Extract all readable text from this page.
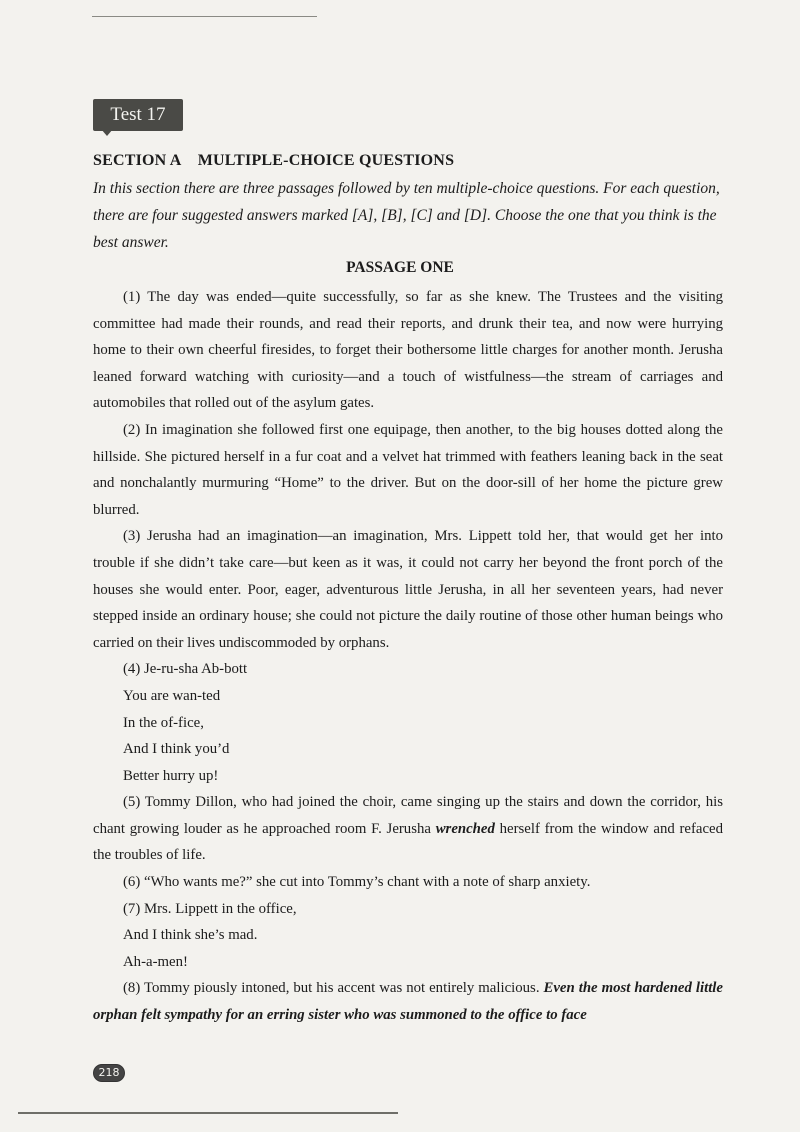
Test 17
SECTION A MULTIPLE-CHOICE QUESTIONS
In this section there are three passages followed by ten multiple-choice questions. For each question, there are four suggested answers marked [A], [B], [C] and [D]. Choose the one that you think is the best answer.
PASSAGE ONE

(1) The day was ended—quite successfully, so far as she knew. The Trustees and the visiting committee had made their rounds, and read their reports, and drunk their tea, and now were hurrying home to their own cheerful firesides, to forget their bothersome little charges for another month. Jerusha leaned forward watching with curiosity—and a touch of wistfulness—the stream of carriages and automobiles that rolled out of the asylum gates.

(2) In imagination she followed first one equipage, then another, to the big houses dotted along the hillside. She pictured herself in a fur coat and a velvet hat trimmed with feathers leaning back in the seat and nonchalantly murmuring “Home” to the driver. But on the door-sill of her home the picture grew blurred.

(3) Jerusha had an imagination—an imagination, Mrs. Lippett told her, that would get her into trouble if she didn’t take care—but keen as it was, it could not carry her beyond the front porch of the houses she would enter. Poor, eager, adventurous little Jerusha, in all her seventeen years, had never stepped inside an ordinary house; she could not picture the daily routine of those other human beings who carried on their lives undiscommoded by orphans.

(4) Je-ru-sha Ab-bott

You are wan-ted

In the of-fice,

And I think you’d

Better hurry up!

(5) Tommy Dillon, who had joined the choir, came singing up the stairs and down the corridor, his chant growing louder as he approached room F. Jerusha wrenched herself from the window and refaced the troubles of life.

(6) “Who wants me?” she cut into Tommy’s chant with a note of sharp anxiety.

(7) Mrs. Lippett in the office,

And I think she’s mad.

Ah-a-men!

(8) Tommy piously intoned, but his accent was not entirely malicious. Even the most hardened little orphan felt sympathy for an erring sister who was summoned to the office to face

218
